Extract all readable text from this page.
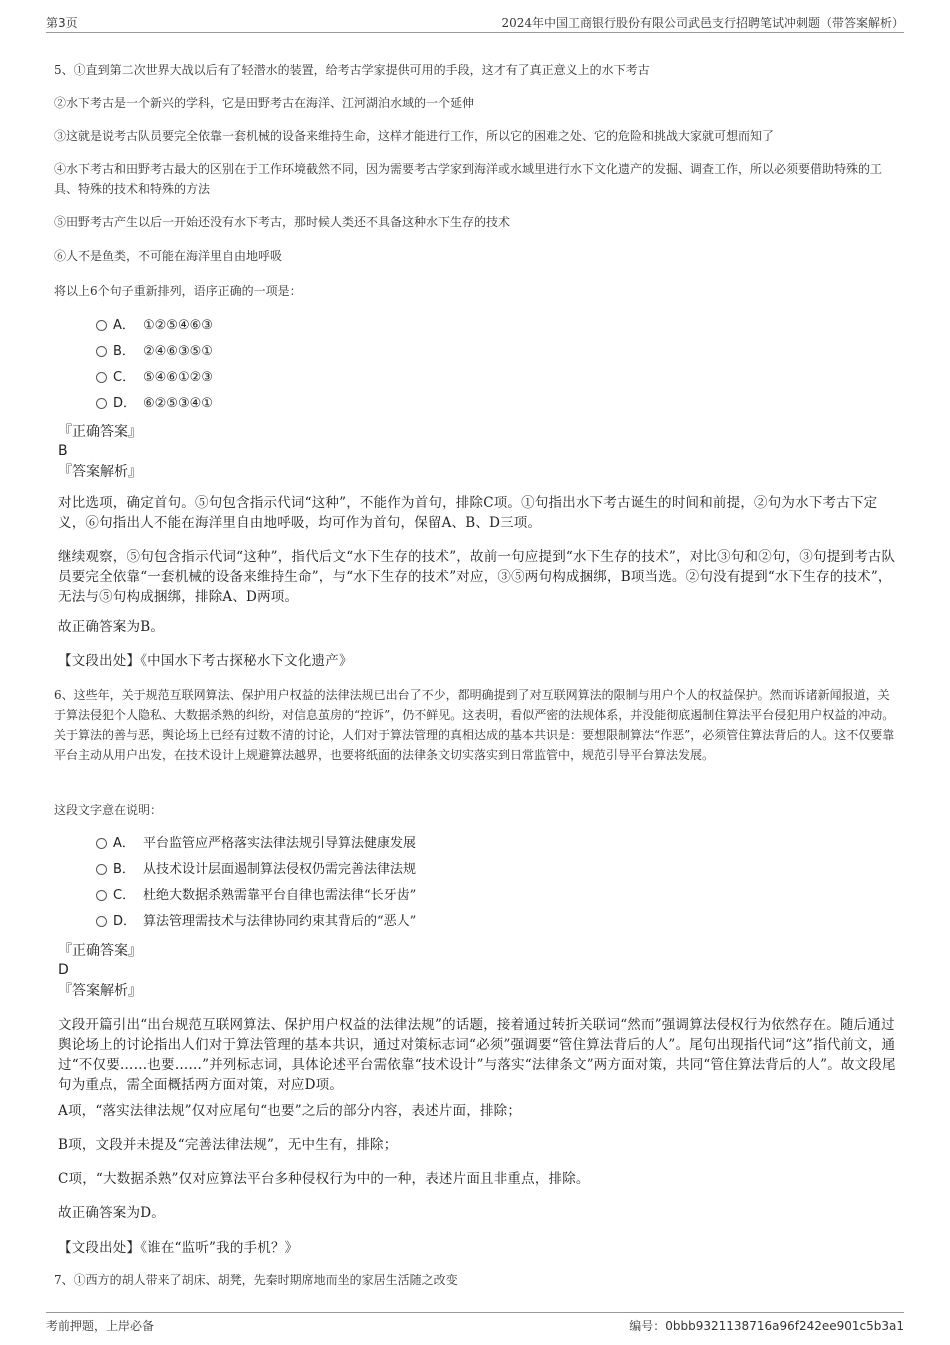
第3页	2024年中国工商银行股份有限公司武邑支行招聘笔试冲刺题（带答案解析）

5、①直到第二次世界大战以后有了轻潜水的装置，给考古学家提供可用的手段，这才有了真正意义上的水下考古

②水下考古是一个新兴的学科，它是田野考古在海洋、江河湖泊水域的一个延伸

③这就是说考古队员要完全依靠一套机械的设备来维持生命，这样才能进行工作，所以它的困难之处、它的危险和挑战大家就可想而知了

④水下考古和田野考古最大的区别在于工作环境截然不同，因为需要考古学家到海洋或水域里进行水下文化遗产的发掘、调查工作，所以必须要借助特殊的工具、特殊的技术和特殊的方法

⑤田野考古产生以后一开始还没有水下考古，那时候人类还不具备这种水下生存的技术

⑥人不是鱼类，不可能在海洋里自由地呼吸

将以上6个句子重新排列，语序正确的一项是：

A． ①②⑤④⑥③
B． ②④⑥③⑤①
C． ⑤④⑥①②③
D． ⑥②⑤③④①
『正确答案』
B
『答案解析』

对比选项，确定首句。⑤句包含指示代词“这种”，不能作为首句，排除C项。①句指出水下考古诞生的时间和前提，②句为水下考古下定义，⑥句指出人不能在海洋里自由地呼吸，均可作为首句，保留A、B、D三项。

继续观察，⑤句包含指示代词“这种”，指代后文“水下生存的技术”，故前一句应提到“水下生存的技术”，对比③句和②句，③句提到考古队员要完全依靠“一套机械的设备来维持生命”，与“水下生存的技术”对应，③⑤两句构成捆绑，B项当选。②句没有提到“水下生存的技术”，无法与⑤句构成捆绑，排除A、D两项。

故正确答案为B。

【文段出处】《中国水下考古探秘水下文化遗产》

6、这些年，关于规范互联网算法、保护用户权益的法律法规已出台了不少，都明确提到了对互联网算法的限制与用户个人的权益保护。然而诉诸新闻报道，关于算法侵犯个人隐私、大数据杀熟的纠纷，对信息茧房的“控诉”，仍不鲜见。这表明，看似严密的法规体系，并没能彻底遏制住算法平台侵犯用户权益的冲动。关于算法的善与恶，舆论场上已经有过数不清的讨论，人们对于算法管理的真相达成的基本共识是：要想限制算法“作恶”，必须管住算法背后的人。这不仅要靠平台主动从用户出发，在技术设计上规避算法越界，也要将纸面的法律条文切实落实到日常监管中，规范引导平台算法发展。

这段文字意在说明：

A． 平台监管应严格落实法律法规引导算法健康发展
B． 从技术设计层面遏制算法侵权仍需完善法律法规
C． 杜绝大数据杀熟需靠平台自律也需法律“长牙齿”
D． 算法管理需技术与法律协同约束其背后的“恶人”
『正确答案』
D
『答案解析』

文段开篇引出“出台规范互联网算法、保护用户权益的法律法规”的话题，接着通过转折关联词“然而”强调算法侵权行为依然存在。随后通过舆论场上的讨论指出人们对于算法管理的基本共识，通过对策标志词“必须”强调要“管住算法背后的人”。尾句出现指代词“这”指代前文，通过“不仅要……也要……”并列标志词，具体论述平台需依靠“技术设计”与落实“法律条文”两方面对策，共同“管住算法背后的人”。故文段尾句为重点，需全面概括两方面对策，对应D项。

A项，“落实法律法规”仅对应尾句“也要”之后的部分内容，表述片面，排除；

B项，文段并未提及“完善法律法规”，无中生有，排除；

C项，“大数据杀熟”仅对应算法平台多种侵权行为中的一种，表述片面且非重点，排除。

故正确答案为D。

【文段出处】《谁在“监听”我的手机？》

7、①西方的胡人带来了胡床、胡凳，先秦时期席地而坐的家居生活随之改变

考前押题，上岸必备	编号：0bbb9321138716a96f242ee901c5b3a1
